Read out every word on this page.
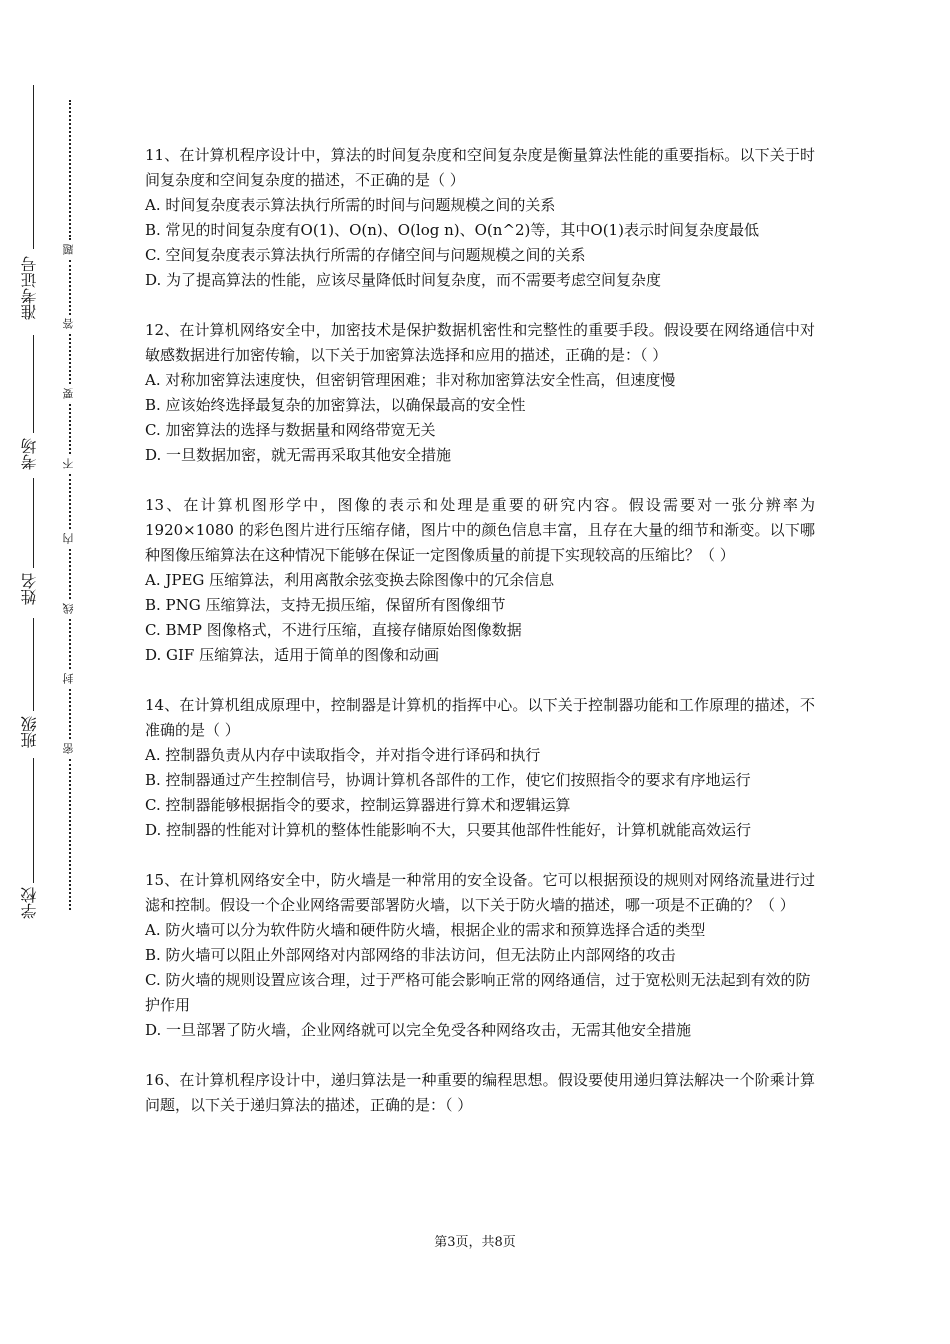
准考证号
考场
姓名
班级
学校
题
答
要
不
内
线
封
密
11、在计算机程序设计中，算法的时间复杂度和空间复杂度是衡量算法性能的重要指标。以下关于时间复杂度和空间复杂度的描述，不正确的是（ ）
A. 时间复杂度表示算法执行所需的时间与问题规模之间的关系
B. 常见的时间复杂度有O(1)、O(n)、O(log n)、O(n^2)等，其中O(1)表示时间复杂度最低
C. 空间复杂度表示算法执行所需的存储空间与问题规模之间的关系
D. 为了提高算法的性能，应该尽量降低时间复杂度，而不需要考虑空间复杂度
12、在计算机网络安全中，加密技术是保护数据机密性和完整性的重要手段。假设要在网络通信中对敏感数据进行加密传输，以下关于加密算法选择和应用的描述，正确的是：（ ）
A. 对称加密算法速度快，但密钥管理困难；非对称加密算法安全性高，但速度慢
B. 应该始终选择最复杂的加密算法，以确保最高的安全性
C. 加密算法的选择与数据量和网络带宽无关
D. 一旦数据加密，就无需再采取其他安全措施
13、在计算机图形学中，图像的表示和处理是重要的研究内容。假设需要对一张分辨率为1920×1080 的彩色图片进行压缩存储，图片中的颜色信息丰富，且存在大量的细节和渐变。以下哪种图像压缩算法在这种情况下能够在保证一定图像质量的前提下实现较高的压缩比？（ ）
A. JPEG 压缩算法，利用离散余弦变换去除图像中的冗余信息
B. PNG 压缩算法，支持无损压缩，保留所有图像细节
C. BMP 图像格式，不进行压缩，直接存储原始图像数据
D. GIF 压缩算法，适用于简单的图像和动画
14、在计算机组成原理中，控制器是计算机的指挥中心。以下关于控制器功能和工作原理的描述，不准确的是（ ）
A. 控制器负责从内存中读取指令，并对指令进行译码和执行
B. 控制器通过产生控制信号，协调计算机各部件的工作，使它们按照指令的要求有序地运行
C. 控制器能够根据指令的要求，控制运算器进行算术和逻辑运算
D. 控制器的性能对计算机的整体性能影响不大，只要其他部件性能好，计算机就能高效运行
15、在计算机网络安全中，防火墙是一种常用的安全设备。它可以根据预设的规则对网络流量进行过滤和控制。假设一个企业网络需要部署防火墙，以下关于防火墙的描述，哪一项是不正确的？（ ）
A. 防火墙可以分为软件防火墙和硬件防火墙，根据企业的需求和预算选择合适的类型
B. 防火墙可以阻止外部网络对内部网络的非法访问，但无法防止内部网络的攻击
C. 防火墙的规则设置应该合理，过于严格可能会影响正常的网络通信，过于宽松则无法起到有效的防护作用
D. 一旦部署了防火墙，企业网络就可以完全免受各种网络攻击，无需其他安全措施
16、在计算机程序设计中，递归算法是一种重要的编程思想。假设要使用递归算法解决一个阶乘计算问题，以下关于递归算法的描述，正确的是：（ ）
第3页，共8页
